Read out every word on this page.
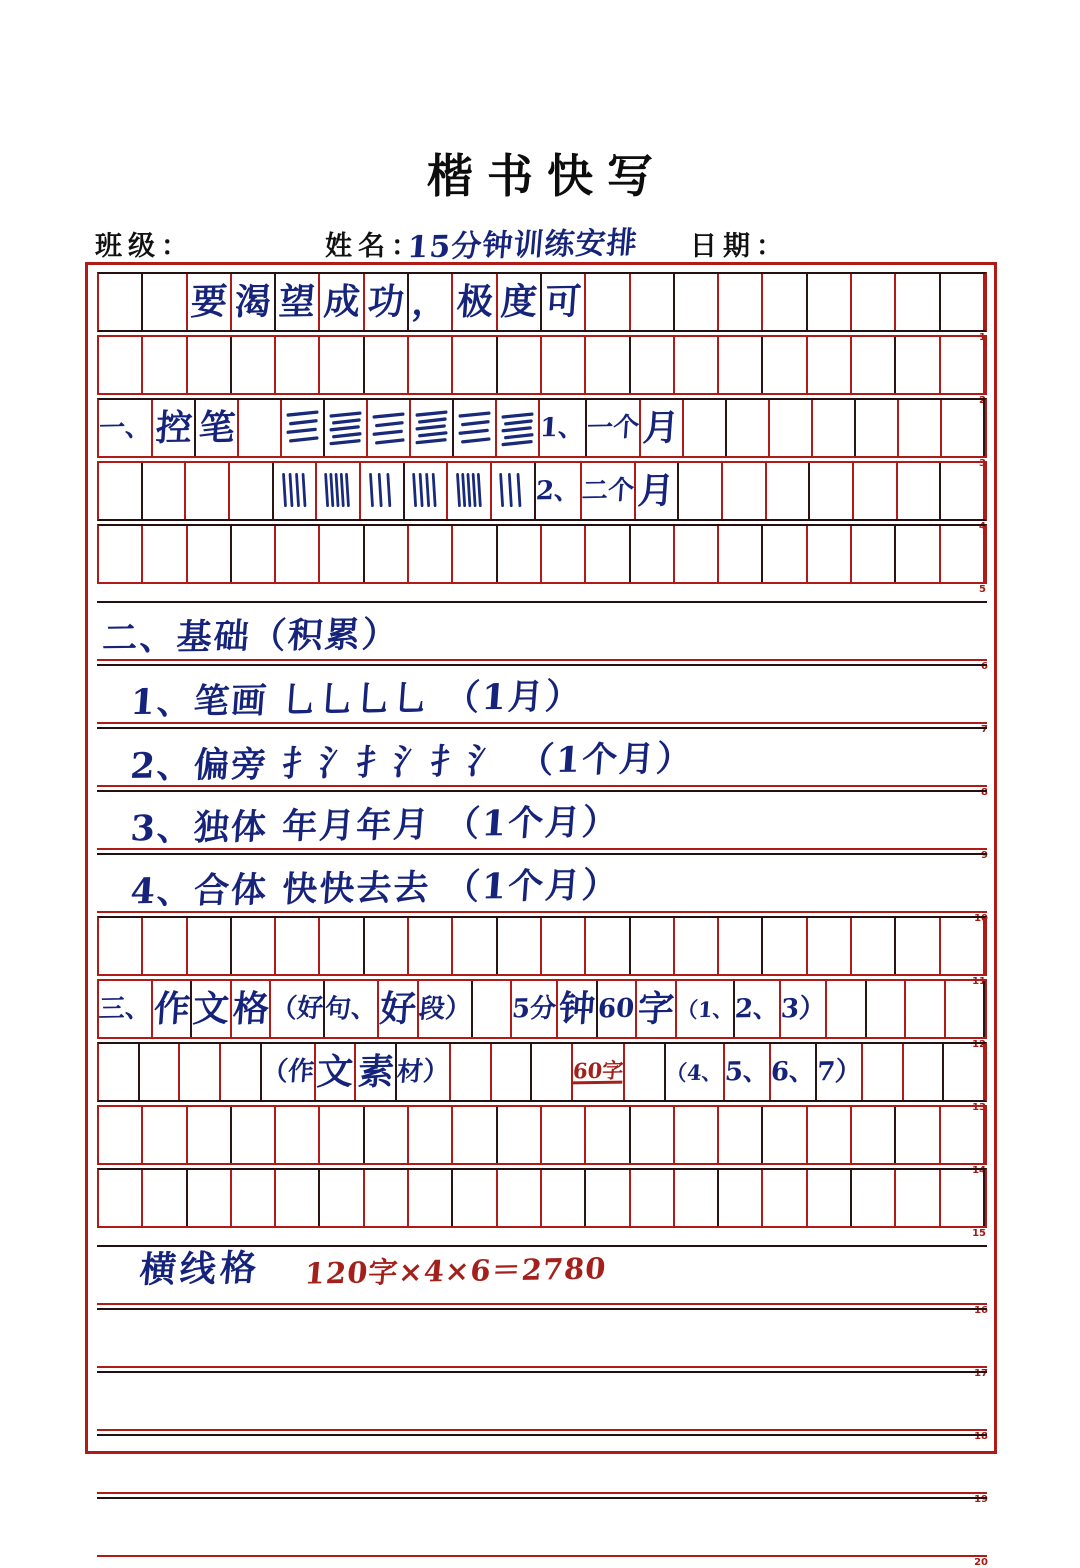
楷书快写
班级：	姓名：
15分钟训练安排 日期：
要 渴 望 成 功 ， 极 度 可
1
2
一、 控 笔	1、 一个 月
3
2、 二个 月
4
5
二、基础（积累）
6
1、笔画 乚乚乚乚 （1月）
7
2、偏旁 扌氵扌氵扌氵 （1个月）
8
3、独体 年月年月 （1个月）
9
4、合体 快快去去 （1个月）
10
11
三、 作 文 格 （好 句、 好 段） 5分 钟 60 字 （1、 2、 3）
12
（作 文 素 材）	60字 （4、 5、 6、 7）
13
14
15
16
17
18
19
20
横线格 120字×4×6＝2780
